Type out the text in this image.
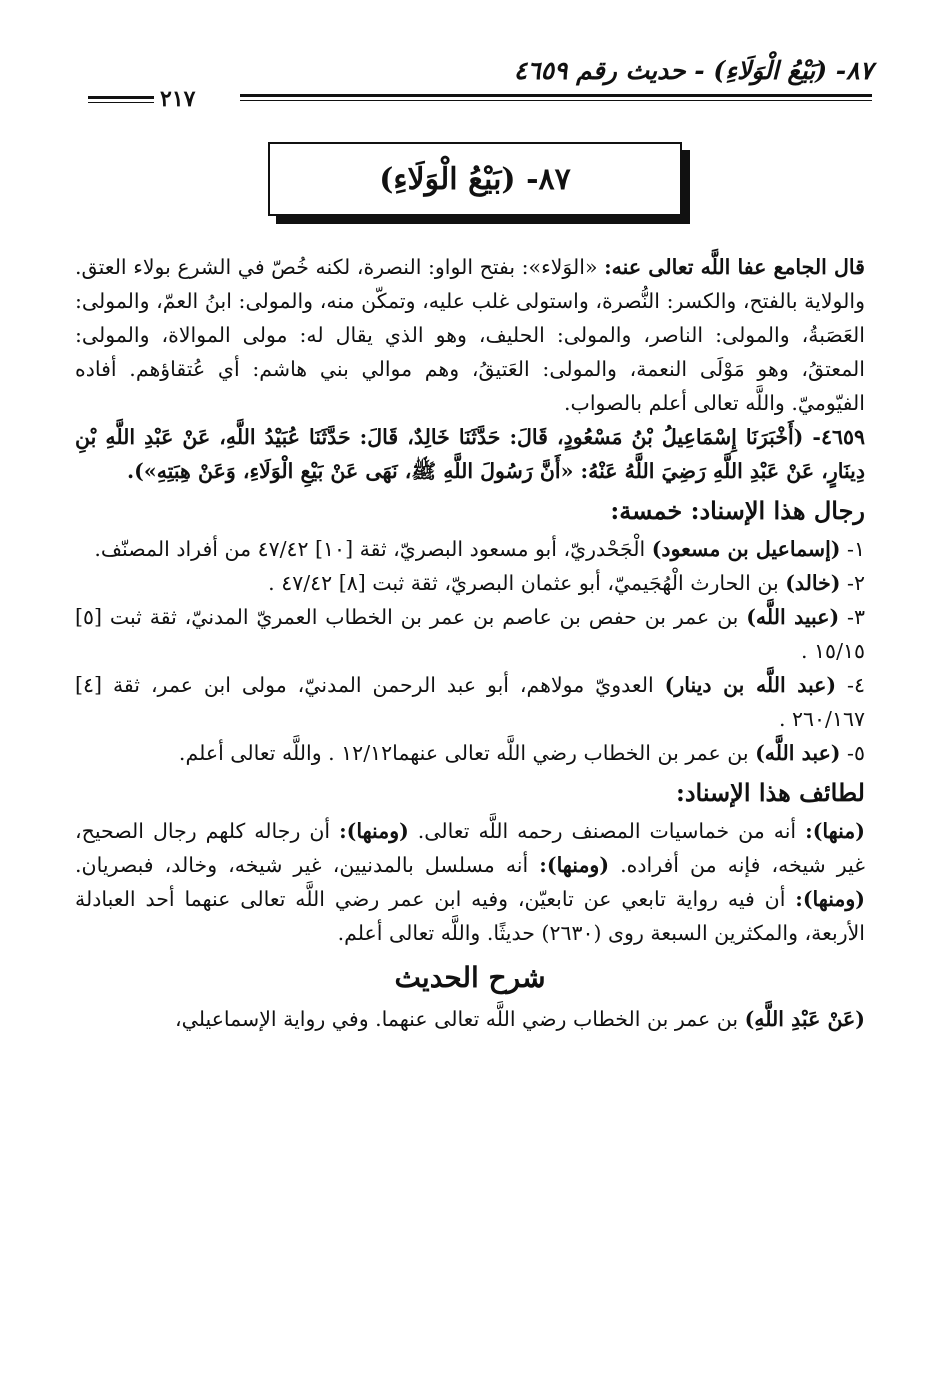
٨٧- (بَيْعُ الْوَلَاءِ) - حديث رقم ٤٦٥٩
٢١٧
٨٧- (بَيْعُ الْوَلَاءِ)

قال الجامع عفا اللَّه تعالى عنه: «الوَلاء»: بفتح الواو: النصرة، لكنه خُصّ في الشرع بولاء العتق. والولاية بالفتح، والكسر: النُّصرة، واستولى غلب عليه، وتمكّن منه، والمولى: ابنُ العمّ، والمولى: العَصَبةُ، والمولى: الناصر، والمولى: الحليف، وهو الذي يقال له: مولى الموالاة، والمولى: المعتقُ، وهو مَوْلَى النعمة، والمولى: العَتيقُ، وهم موالي بني هاشم: أي عُتقاؤهم. أفاده الفيّوميّ. واللَّه تعالى أعلم بالصواب.

٤٦٥٩- (أَخْبَرَنَا إِسْمَاعِيلُ بْنُ مَسْعُودٍ، قَالَ: حَدَّثَنَا خَالِدٌ، قَالَ: حَدَّثَنَا عُبَيْدُ اللَّهِ، عَنْ عَبْدِ اللَّهِ بْنِ دِينَارٍ، عَنْ عَبْدِ اللَّهِ رَضِيَ اللَّهُ عَنْهُ: «أَنَّ رَسُولَ اللَّهِ ﷺ، نَهَى عَنْ بَيْعِ الْوَلَاءِ، وَعَنْ هِبَتِهِ»).

رجال هذا الإسناد: خمسة:

١- (إسماعيل بن مسعود) الْجَحْدريّ، أبو مسعود البصريّ، ثقة [١٠] ٤٧/٤٢ من أفراد المصنّف.

٢- (خالد) بن الحارث الْهُجَيميّ، أبو عثمان البصريّ، ثقة ثبت [٨] ٤٧/٤٢ .

٣- (عبيد اللَّه) بن عمر بن حفص بن عاصم بن عمر بن الخطاب العمريّ المدنيّ، ثقة ثبت [٥] ١٥/١٥ .

٤- (عبد اللَّه بن دينار) العدويّ مولاهم، أبو عبد الرحمن المدنيّ، مولى ابن عمر، ثقة [٤] ٢٦٠/١٦٧ .

٥- (عبد اللَّه) بن عمر بن الخطاب رضي اللَّه تعالى عنهما١٢/١٢ . واللَّه تعالى أعلم.

لطائف هذا الإسناد:

(منها): أنه من خماسيات المصنف رحمه اللَّه تعالى. (ومنها): أن رجاله كلهم رجال الصحيح، غير شيخه، فإنه من أفراده. (ومنها): أنه مسلسل بالمدنيين، غير شيخه، وخالد، فبصريان. (ومنها): أن فيه رواية تابعي عن تابعيّن، وفيه ابن عمر رضي اللَّه تعالى عنهما أحد العبادلة الأربعة، والمكثرين السبعة روى (٢٦٣٠) حديثًا. واللَّه تعالى أعلم.

شرح الحديث

(عَنْ عَبْدِ اللَّهِ) بن عمر بن الخطاب رضي اللَّه تعالى عنهما. وفي رواية الإسماعيلي،
